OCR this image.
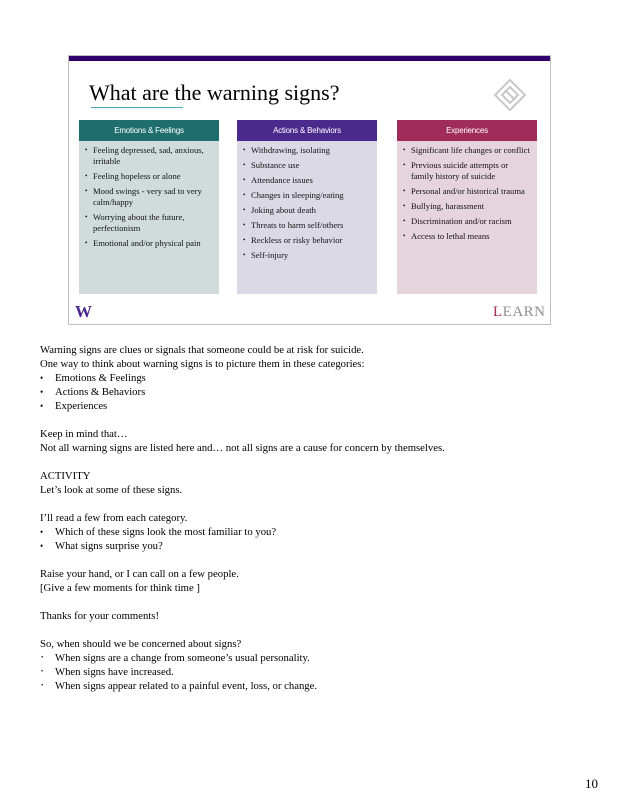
What are the warning signs?
Emotions & Feelings
• Feeling depressed, sad, anxious, irritable
• Feeling hopeless or alone
• Mood swings - very sad to very calm/happy
• Worrying about the future, perfectionism
• Emotional and/or physical pain
Actions & Behaviors
• Withdrawing, isolating
• Substance use
• Attendance issues
• Changes in sleeping/eating
• Joking about death
• Threats to harm self/others
• Reckless or risky behavior
• Self-injury
Experiences
• Significant life changes or conflict
• Previous suicide attempts or family history of suicide
• Personal and/or historical trauma
• Bullying, harassment
• Discrimination and/or racism
• Access to lethal means
W	LEARN

Warning signs are clues or signals that someone could be at risk for suicide.

One way to think about warning signs is to picture them in these categories:

• Emotions & Feelings

• Actions & Behaviors

• Experiences

Keep in mind that…

Not all warning signs are listed here and… not all signs are a cause for concern by themselves.

ACTIVITY

Let’s look at some of these signs.

I’ll read a few from each category.

• Which of these signs look the most familiar to you?

• What signs surprise you?

Raise your hand, or I can call on a few people.

[Give a few moments for think time ]

Thanks for your comments!

So, when should we be concerned about signs?

· When signs are a change from someone’s usual personality.

· When signs have increased.

· When signs appear related to a painful event, loss, or change.

10
